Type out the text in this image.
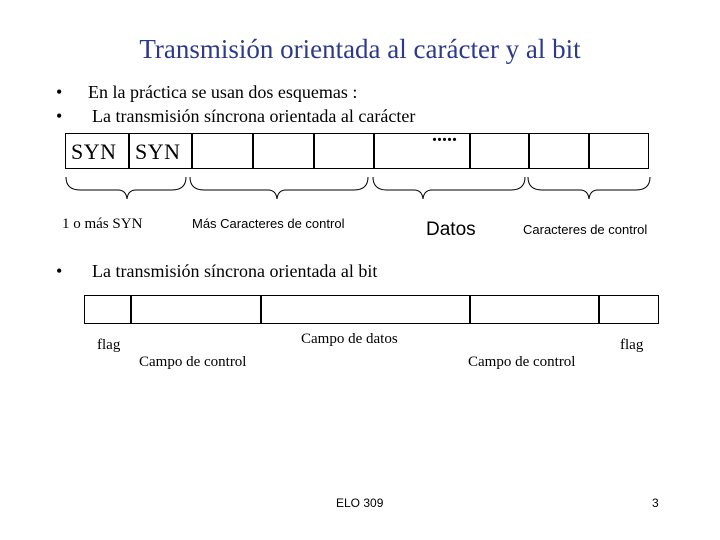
Transmisión orientada al carácter y al bit
• En la práctica se usan dos esquemas :
• La transmisión síncrona orientada al carácter
• La transmisión síncrona orientada al bit
SYN SYN
.....
1 o más SYN	Más Caracteres de control	Datos	Caracteres de control
flag
Campo de control
Campo de datos
Campo de control
flag
ELO 309	3
